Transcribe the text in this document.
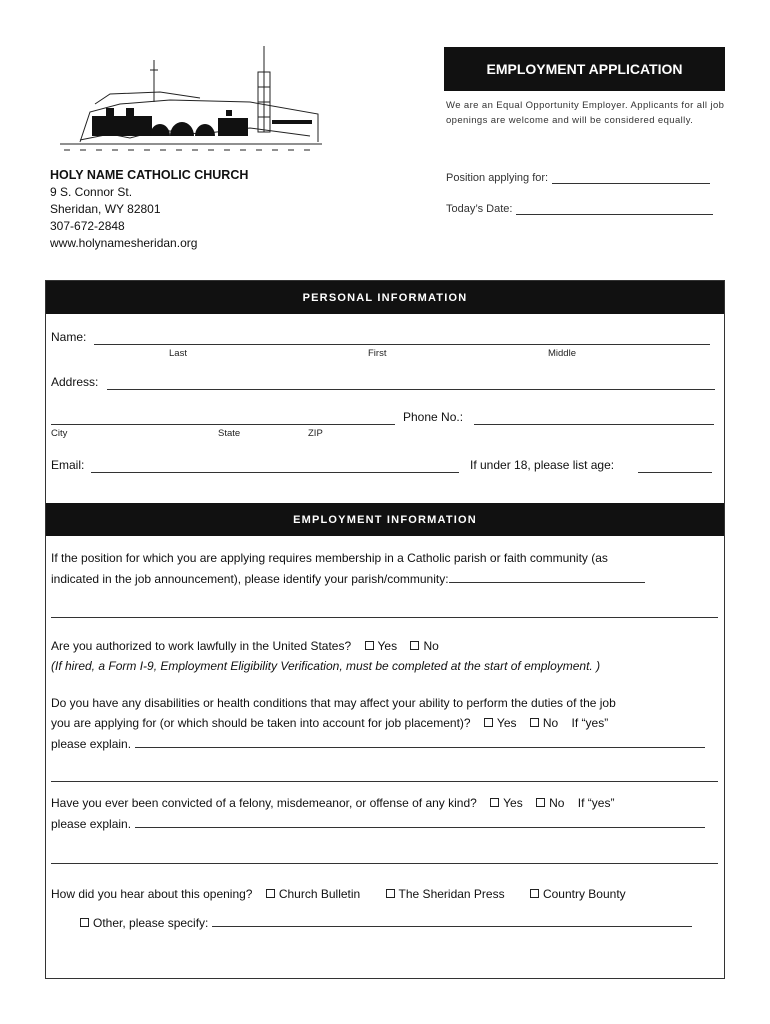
HOLY NAME CATHOLIC CHURCH
9 S. Connor St.
Sheridan, WY 82801
307-672-2848
www.holynamesheridan.org
EMPLOYMENT APPLICATION
We are an Equal Opportunity Employer. Applicants for all job openings are welcome and will be considered equally.
Position applying for:
Today’s Date:
PERSONAL INFORMATION
Name:
Last	First	Middle
Address:
Phone No.:
City	State	ZIP
Email:	If under 18, please list age:
EMPLOYMENT INFORMATION
If the position for which you are applying requires membership in a Catholic parish or faith community (as
indicated in the job announcement), please identify your parish/community:
Are you authorized to work lawfully in the United States? Yes No
(If hired, a Form I-9, Employment Eligibility Verification, must be completed at the start of employment. )
Do you have any disabilities or health conditions that may affect your ability to perform the duties of the job
you are applying for (or which should be taken into account for job placement)? Yes No If “yes”
please explain.
Have you ever been convicted of a felony, misdemeanor, or offense of any kind? Yes No If “yes”
please explain.
How did you hear about this opening? Church Bulletin	The Sheridan Press	Country Bounty
Other, please specify:
